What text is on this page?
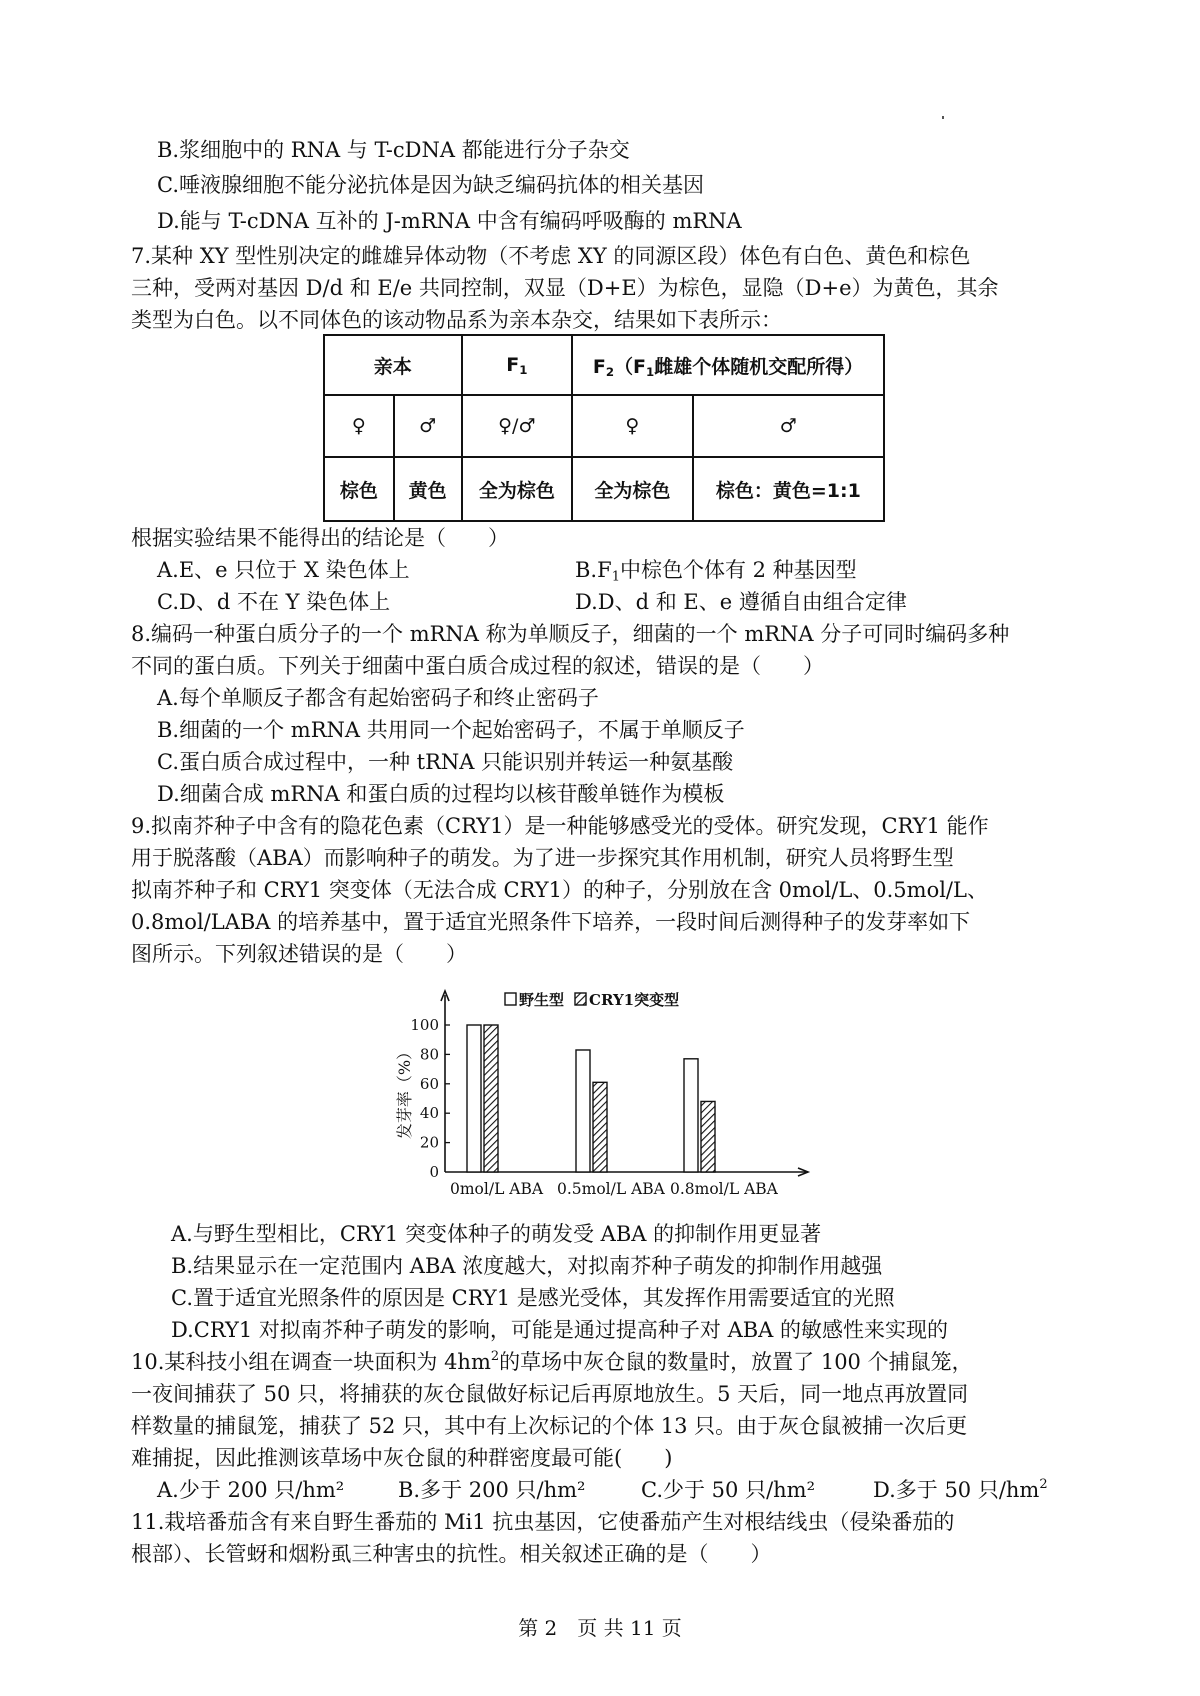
B.浆细胞中的 RNA 与 T-cDNA 都能进行分子杂交
C.唾液腺细胞不能分泌抗体是因为缺乏编码抗体的相关基因
D.能与 T-cDNA 互补的 J-mRNA 中含有编码呼吸酶的 mRNA
7.某种 XY 型性别决定的雌雄异体动物（不考虑 XY 的同源区段）体色有白色、黄色和棕色
三种，受两对基因 D/d 和 E/e 共同控制，双显（D+E）为棕色，显隐（D+e）为黄色，其余
类型为白色。以不同体色的该动物品系为亲本杂交，结果如下表所示：
亲本		$F_1$	$F_2(F_1$雌雄个体随机交配所得）	
♀	♂	♀/♂	♀	♂
棕色	黄色	全为棕色	全为棕色	棕色：黄色=1:1
根据实验结果不能得出的结论是（　　）
A.E、e 只位于 X 染色体上	$B.F_1$中棕色个体有 2 种基因型
C.D、d 不在 Y 染色体上	D.D、d 和 E、e 遵循自由组合定律
8.编码一种蛋白质分子的一个 mRNA 称为单顺反子，细菌的一个 mRNA 分子可同时编码多种
不同的蛋白质。下列关于细菌中蛋白质合成过程的叙述，错误的是（　　）
A.每个单顺反子都含有起始密码子和终止密码子
B.细菌的一个 mRNA 共用同一个起始密码子，不属于单顺反子
C.蛋白质合成过程中，一种 tRNA 只能识别并转运一种氨基酸
D.细菌合成 mRNA 和蛋白质的过程均以核苷酸单链作为模板
9.拟南芥种子中含有的隐花色素（CRY1）是一种能够感受光的受体。研究发现，CRY1 能作
用于脱落酸（ABA）而影响种子的萌发。为了进一步探究其作用机制，研究人员将野生型
拟南芥种子和 CRY1 突变体（无法合成 CRY1）的种子，分别放在含 0mol/L、0.5mol/L、
0.8mol/LABA 的培养基中，置于适宜光照条件下培养，一段时间后测得种子的发芽率如下
图所示。下列叙述错误的是（　　）
0
20
40
60
80
100
发芽率（%）
0mol/L ABA 0.5mol/L ABA 0.8mol/L ABA
野生型 CRY1突变型
A.与野生型相比，CRY1 突变体种子的萌发受 ABA 的抑制作用更显著
B.结果显示在一定范围内 ABA 浓度越大，对拟南芥种子萌发的抑制作用越强
C.置于适宜光照条件的原因是 CRY1 是感光受体，其发挥作用需要适宜的光照
D.CRY1 对拟南芥种子萌发的影响，可能是通过提高种子对 ABA 的敏感性来实现的
10.某科技小组在调查一块面积为 $4hm^2$的草场中灰仓鼠的数量时，放置了 100 个捕鼠笼，
一夜间捕获了 50 只，将捕获的灰仓鼠做好标记后再原地放生。5 天后，同一地点再放置同
样数量的捕鼠笼，捕获了 52 只，其中有上次标记的个体 13 只。由于灰仓鼠被捕一次后更
难捕捉，因此推测该草场中灰仓鼠的种群密度最可能(　　)
A.少于 200 只/hm²	B.多于 200 只/hm²	C.少于 50 只/hm²	D.多于 50 只$/hm^2$
11.栽培番茄含有来自野生番茄的 Mi1 抗虫基因，它使番茄产生对根结线虫（侵染番茄的
根部）、长管蚜和烟粉虱三种害虫的抗性。相关叙述正确的是（　　）
第 2　页 共 11 页
